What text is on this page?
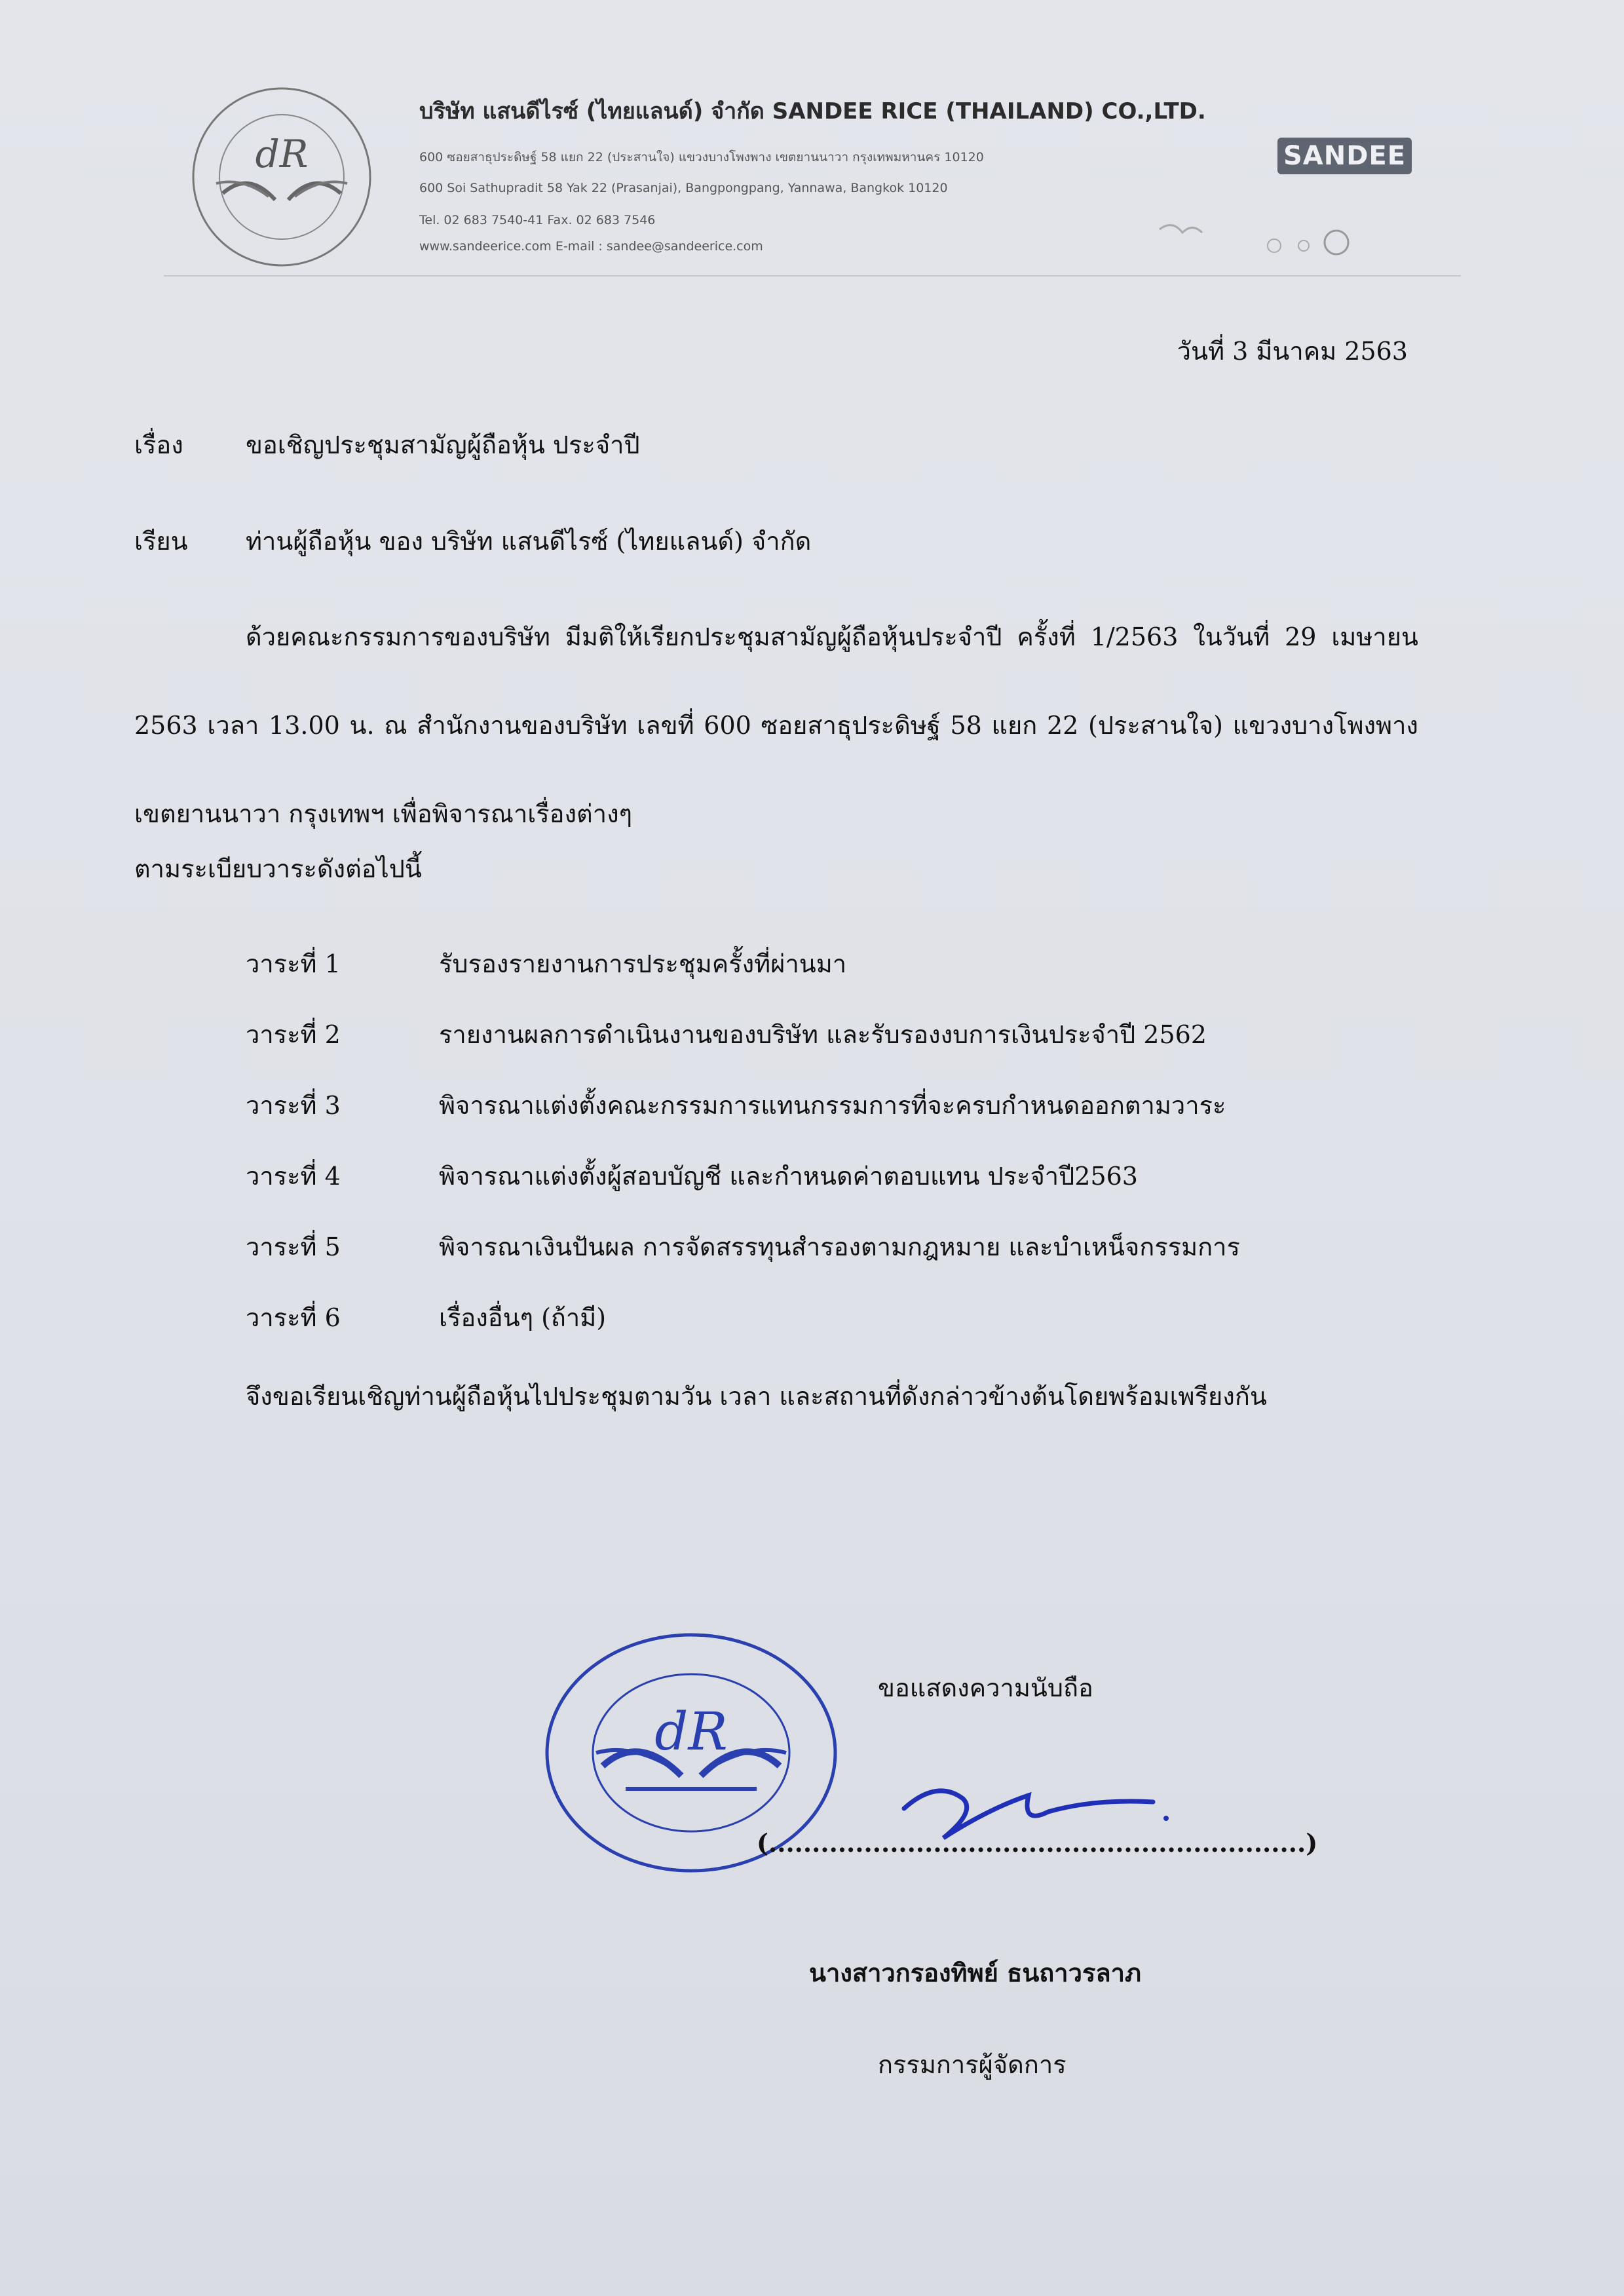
dR
บริษัท แสนดีไรซ์ (ไทยแลนด์) จำกัด SANDEE RICE (THAILAND) CO.,LTD.
600 ซอยสาธุประดิษฐ์ 58 แยก 22 (ประสานใจ) แขวงบางโพงพาง เขตยานนาวา กรุงเทพมหานคร 10120
600 Soi Sathupradit 58 Yak 22 (Prasanjai), Bangpongpang, Yannawa, Bangkok 10120
Tel. 02 683 7540-41 Fax. 02 683 7546
www.sandeerice.com E-mail : sandee@sandeerice.com
SANDEE
วันที่ 3 มีนาคม 2563
เรื่อง	ขอเชิญประชุมสามัญผู้ถือหุ้น ประจำปี
เรียน ท่านผู้ถือหุ้น ของ บริษัท แสนดีไรซ์ (ไทยแลนด์) จำกัด
ด้วยคณะกรรมการของบริษัท มีมติให้เรียกประชุมสามัญผู้ถือหุ้นประจำปี ครั้งที่ 1/2563 ในวันที่ 29 เมษายน 2563 เวลา 13.00 น. ณ สำนักงานของบริษัท เลขที่ 600 ซอยสาธุประดิษฐ์ 58 แยก 22 (ประสานใจ) แขวงบางโพงพาง เขตยานนาวา กรุงเทพฯ เพื่อพิจารณาเรื่องต่างๆ
ตามระเบียบวาระดังต่อไปนี้
วาระที่ 1	รับรองรายงานการประชุมครั้งที่ผ่านมา
วาระที่ 2	รายงานผลการดำเนินงานของบริษัท และรับรองงบการเงินประจำปี 2562
วาระที่ 3	พิจารณาแต่งตั้งคณะกรรมการแทนกรรมการที่จะครบกำหนดออกตามวาระ
วาระที่ 4	พิจารณาแต่งตั้งผู้สอบบัญชี และกำหนดค่าตอบแทน ประจำปี2563
วาระที่ 5	พิจารณาเงินปันผล การจัดสรรทุนสำรองตามกฎหมาย และบำเหน็จกรรมการ
วาระที่ 6	เรื่องอื่นๆ (ถ้ามี)
จึงขอเรียนเชิญท่านผู้ถือหุ้นไปประชุมตามวัน เวลา และสถานที่ดังกล่าวข้างต้นโดยพร้อมเพรียงกัน
dR
ขอแสดงความนับถือ
(..............................................................)
นางสาวกรองทิพย์ ธนถาวรลาภ
กรรมการผู้จัดการ
